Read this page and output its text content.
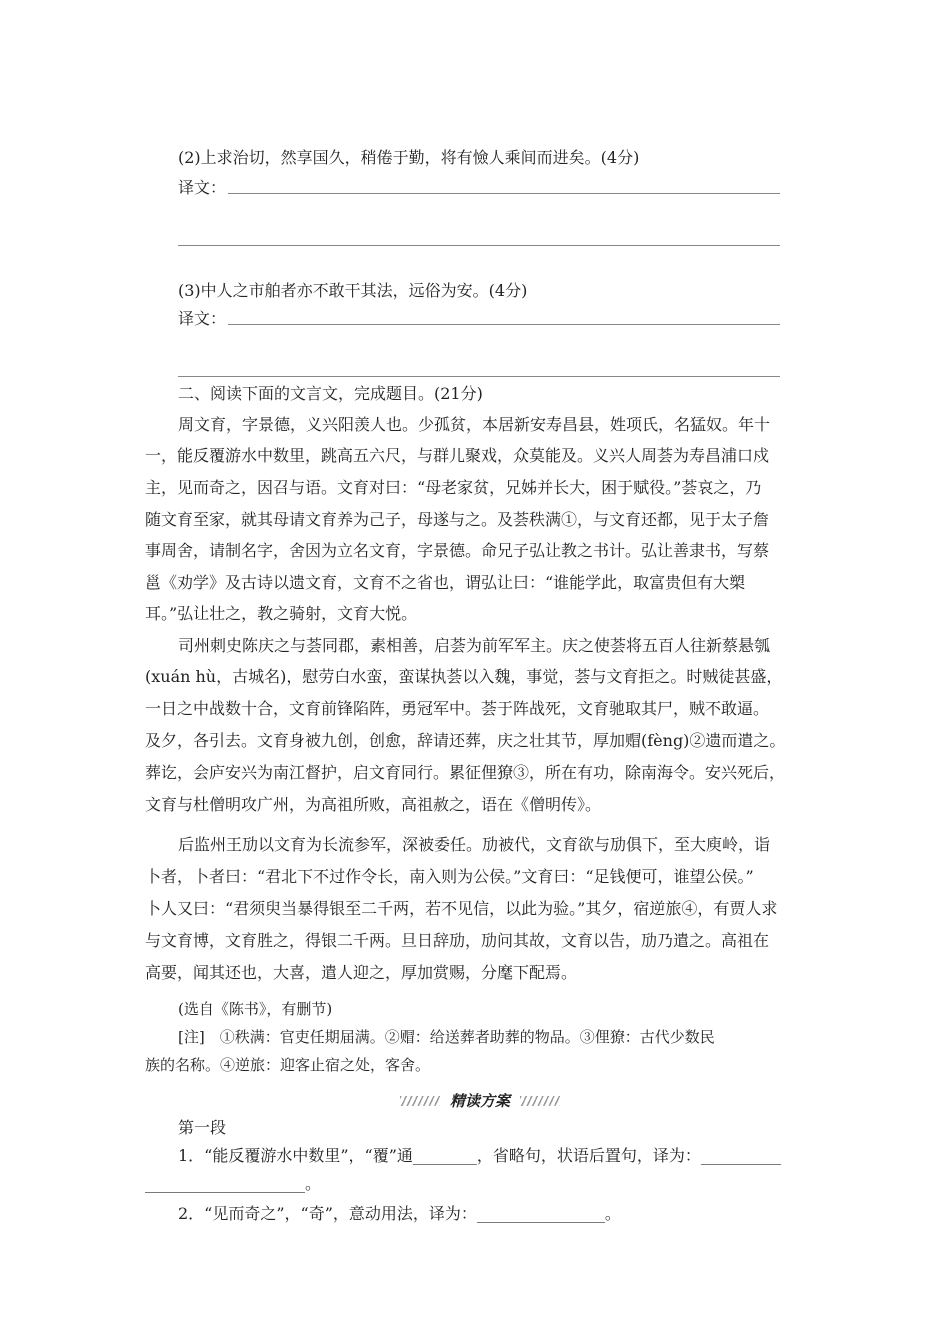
(2)上求治切，然享国久，稍倦于勤，将有憸人乘间而进矣。(4分)
译文：
(3)中人之市舶者亦不敢干其法，远俗为安。(4分)
译文：
二、阅读下面的文言文，完成题目。(21分)
周文育，字景德，义兴阳羡人也。少孤贫，本居新安寿昌县，姓项氏，名猛奴。年十
一，能反覆游水中数里，跳高五六尺，与群儿聚戏，众莫能及。义兴人周荟为寿昌浦口戍
主，见而奇之，因召与语。文育对曰：“母老家贫，兄姊并长大，困于赋役。”荟哀之，乃
随文育至家，就其母请文育养为己子，母遂与之。及荟秩满①，与文育还都，见于太子詹
事周舍，请制名字，舍因为立名文育，字景德。命兄子弘让教之书计。弘让善隶书，写蔡
邕《劝学》及古诗以遗文育，文育不之省也，谓弘让曰：“谁能学此，取富贵但有大槊
耳。”弘让壮之，教之骑射，文育大悦。
司州刺史陈庆之与荟同郡，素相善，启荟为前军军主。庆之使荟将五百人往新蔡悬瓠
(xuán hù，古城名)，慰劳白水蛮，蛮谋执荟以入魏，事觉，荟与文育拒之。时贼徒甚盛，
一日之中战数十合，文育前锋陷阵，勇冠军中。荟于阵战死，文育驰取其尸，贼不敢逼。
及夕，各引去。文育身被九创，创愈，辞请还葬，庆之壮其节，厚加赗(fèng)②遗而遣之。
葬讫，会庐安兴为南江督护，启文育同行。累征俚獠③，所在有功，除南海令。安兴死后，
文育与杜僧明攻广州，为高祖所败，高祖赦之，语在《僧明传》。
后监州王劢以文育为长流参军，深被委任。劢被代，文育欲与劢俱下，至大庾岭，诣
卜者，卜者曰：“君北下不过作令长，南入则为公侯。”文育曰：“足钱便可，谁望公侯。”
卜人又曰：“君须臾当暴得银至二千两，若不见信，以此为验。”其夕，宿逆旅④，有贾人求
与文育博，文育胜之，得银二千两。旦日辞劢，劢问其故，文育以告，劢乃遣之。高祖在
高要，闻其还也，大喜，遣人迎之，厚加赏赐，分麾下配焉。
(选自《陈书》，有删节)
[注]　①秩满：官吏任期届满。②赗：给送葬者助葬的物品。③俚獠：古代少数民
族的名称。④逆旅：迎客止宿之处，客舍。
精读方案
第一段
1．“能反覆游水中数里”，“覆”通________，省略句，状语后置句，译为：__________
____________________。
2．“见而奇之”，“奇”，意动用法，译为：________________。
